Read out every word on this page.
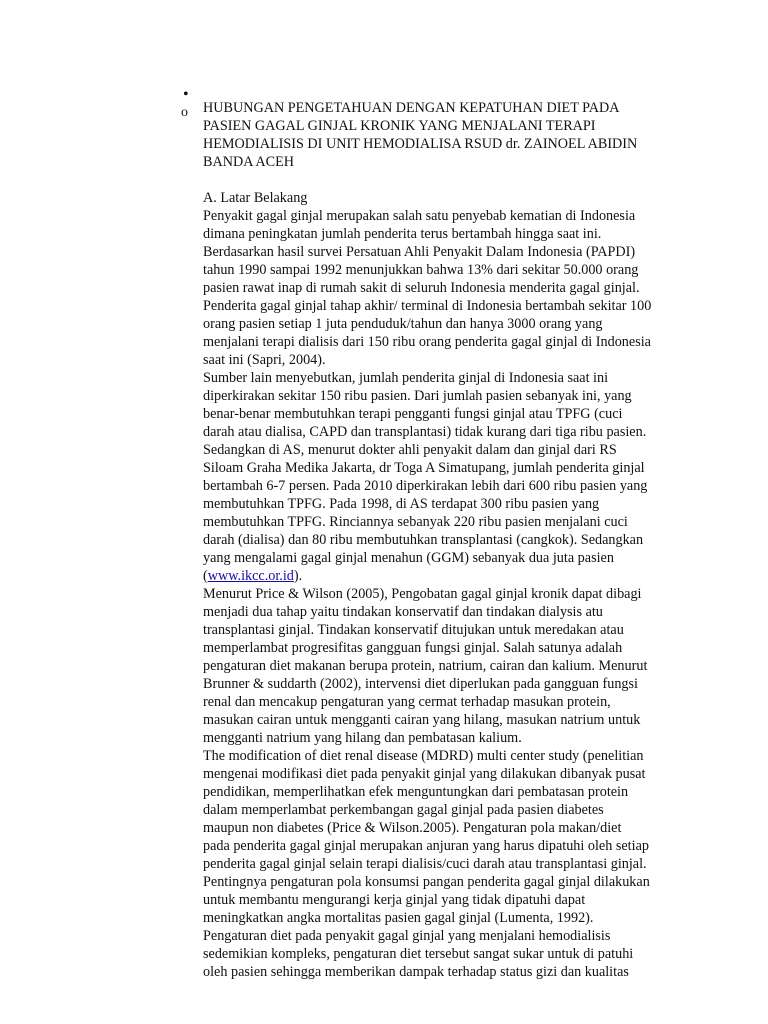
•
o HUBUNGAN PENGETAHUAN DENGAN KEPATUHAN DIET PADA
PASIEN GAGAL GINJAL KRONIK YANG MENJALANI TERAPI
HEMODIALISIS DI UNIT HEMODIALISA RSUD dr. ZAINOEL ABIDIN
BANDA ACEH
A. Latar Belakang
Penyakit gagal ginjal merupakan salah satu penyebab kematian di Indonesia
dimana peningkatan jumlah penderita terus bertambah hingga saat ini.
Berdasarkan hasil survei Persatuan Ahli Penyakit Dalam Indonesia (PAPDI)
tahun 1990 sampai 1992 menunjukkan bahwa 13% dari sekitar 50.000 orang
pasien rawat inap di rumah sakit di seluruh Indonesia menderita gagal ginjal.
Penderita gagal ginjal tahap akhir/ terminal di Indonesia bertambah sekitar 100
orang pasien setiap 1 juta penduduk/tahun dan hanya 3000 orang yang
menjalani terapi dialisis dari 150 ribu orang penderita gagal ginjal di Indonesia
saat ini (Sapri, 2004).
Sumber lain menyebutkan, jumlah penderita ginjal di Indonesia saat ini
diperkirakan sekitar 150 ribu pasien. Dari jumlah pasien sebanyak ini, yang
benar-benar membutuhkan terapi pengganti fungsi ginjal atau TPFG (cuci
darah atau dialisa, CAPD dan transplantasi) tidak kurang dari tiga ribu pasien.
Sedangkan di AS, menurut dokter ahli penyakit dalam dan ginjal dari RS
Siloam Graha Medika Jakarta, dr Toga A Simatupang, jumlah penderita ginjal
bertambah 6-7 persen. Pada 2010 diperkirakan lebih dari 600 ribu pasien yang
membutuhkan TPFG. Pada 1998, di AS terdapat 300 ribu pasien yang
membutuhkan TPFG. Rinciannya sebanyak 220 ribu pasien menjalani cuci
darah (dialisa) dan 80 ribu membutuhkan transplantasi (cangkok). Sedangkan
yang mengalami gagal ginjal menahun (GGM) sebanyak dua juta pasien
(www.ikcc.or.id).
Menurut Price & Wilson (2005), Pengobatan gagal ginjal kronik dapat dibagi
menjadi dua tahap yaitu tindakan konservatif dan tindakan dialysis atu
transplantasi ginjal. Tindakan konservatif ditujukan untuk meredakan atau
memperlambat progresifitas gangguan fungsi ginjal. Salah satunya adalah
pengaturan diet makanan berupa protein, natrium, cairan dan kalium. Menurut
Brunner & suddarth (2002), intervensi diet diperlukan pada gangguan fungsi
renal dan mencakup pengaturan yang cermat terhadap masukan protein,
masukan cairan untuk mengganti cairan yang hilang, masukan natrium untuk
mengganti natrium yang hilang dan pembatasan kalium.
The modification of diet renal disease (MDRD) multi center study (penelitian
mengenai modifikasi diet pada penyakit ginjal yang dilakukan dibanyak pusat
pendidikan, memperlihatkan efek menguntungkan dari pembatasan protein
dalam memperlambat perkembangan gagal ginjal pada pasien diabetes
maupun non diabetes (Price & Wilson.2005). Pengaturan pola makan/diet
pada penderita gagal ginjal merupakan anjuran yang harus dipatuhi oleh setiap
penderita gagal ginjal selain terapi dialisis/cuci darah atau transplantasi ginjal.
Pentingnya pengaturan pola konsumsi pangan penderita gagal ginjal dilakukan
untuk membantu mengurangi kerja ginjal yang tidak dipatuhi dapat
meningkatkan angka mortalitas pasien gagal ginjal (Lumenta, 1992).
Pengaturan diet pada penyakit gagal ginjal yang menjalani hemodialisis
sedemikian kompleks, pengaturan diet tersebut sangat sukar untuk di patuhi
oleh pasien sehingga memberikan dampak terhadap status gizi dan kualitas
